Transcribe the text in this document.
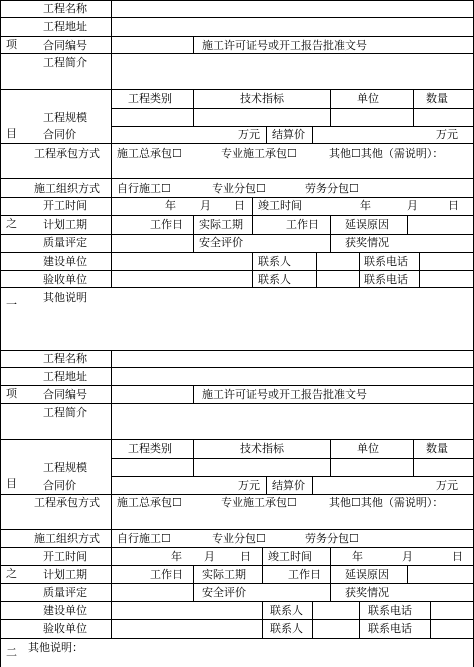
项
目
之
一
工程名称
工程地址
合同编号	施工许可证号或开工报告批准文号
工程简介
工程类别	技术指标	单位	数量
工程规模
合同价	万元 结算价	万元
工程承包方式 施工总承包☐	专业施工承包☐	其他☐其他（需说明）：
施工组织方式 自行施工☐	专业分包☐	劳务分包☐
开工时间	年 月 日 竣工时间	年	月	日
计划工期	工作日 实际工期	工作日 延误原因
质量评定	安全评价	获奖情况
建设单位	联系人	联系电话
验收单位	联系人	联系电话
其他说明
项
目
之
二
工程名称
工程地址
合同编号	施工许可证号或开工报告批准文号
工程简介
工程类别	技术指标	单位	数量
工程规模
合同价	万元 结算价	万元
工程承包方式 施工总承包☐	专业施工承包☐	其他☐其他（需说明）：
施工组织方式 自行施工☐	专业分包☐	劳务分包☐
开工时间	年 月 日 竣工时间	年	月	日
计划工期	工作日 实际工期	工作日 延误原因
质量评定	安全评价	获奖情况
建设单位	联系人	联系电话
验收单位	联系人	联系电话
其他说明：
